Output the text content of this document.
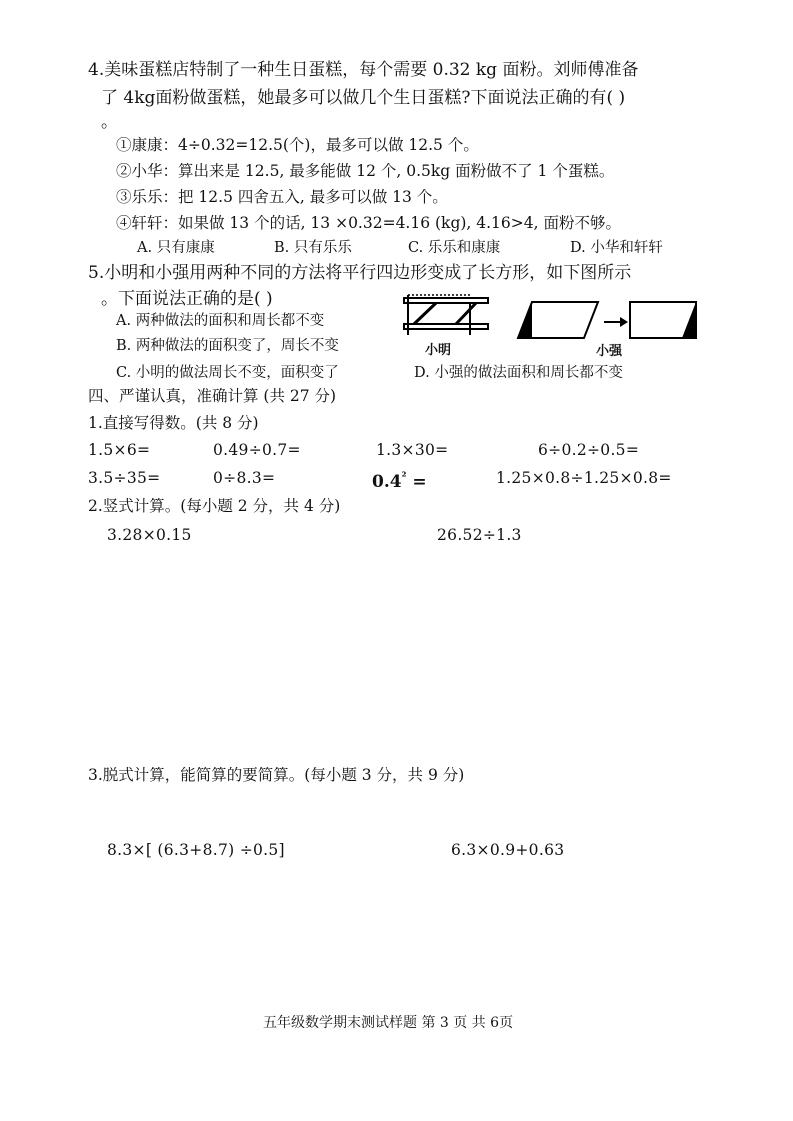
4.美味蛋糕店特制了一种生日蛋糕，每个需要 0.32 kg 面粉。刘师傅准备
了 4kg面粉做蛋糕，她最多可以做几个生日蛋糕?下面说法正确的有( )
。
①康康：4÷0.32=12.5(个)，最多可以做 12.5 个。
②小华：算出来是 12.5, 最多能做 12 个, 0.5kg 面粉做不了 1 个蛋糕。
③乐乐：把 12.5 四舍五入, 最多可以做 13 个。
④轩轩：如果做 13 个的话, 13 ×0.32=4.16 (kg), 4.16>4, 面粉不够。
A. 只有康康	B. 只有乐乐	C. 乐乐和康康	D. 小华和轩轩
5.小明和小强用两种不同的方法将平行四边形变成了长方形，如下图所示
。下面说法正确的是( )
A. 两种做法的面积和周长都不变
B. 两种做法的面积变了，周长不变
C. 小明的做法周长不变，面积变了	D. 小强的做法面积和周长都不变
小明	小强
四、严谨认真，准确计算 (共 27 分)
1.直接写得数。(共 8 分)
1.5×6=	0.49÷0.7=	1.3×30=	6÷0.2÷0.5=
3.5÷35=	0÷8.3=	$0.4^{^2}$ =	1.25×0.8÷1.25×0.8=
2.竖式计算。(每小题 2 分，共 4 分)
3.28×0.15	26.52÷1.3
3.脱式计算，能简算的要简算。(每小题 3 分，共 9 分)
8.3×[ (6.3+8.7) ÷0.5]	6.3×0.9+0.63
五年级数学期末测试样题 第 3 页 共 6页
